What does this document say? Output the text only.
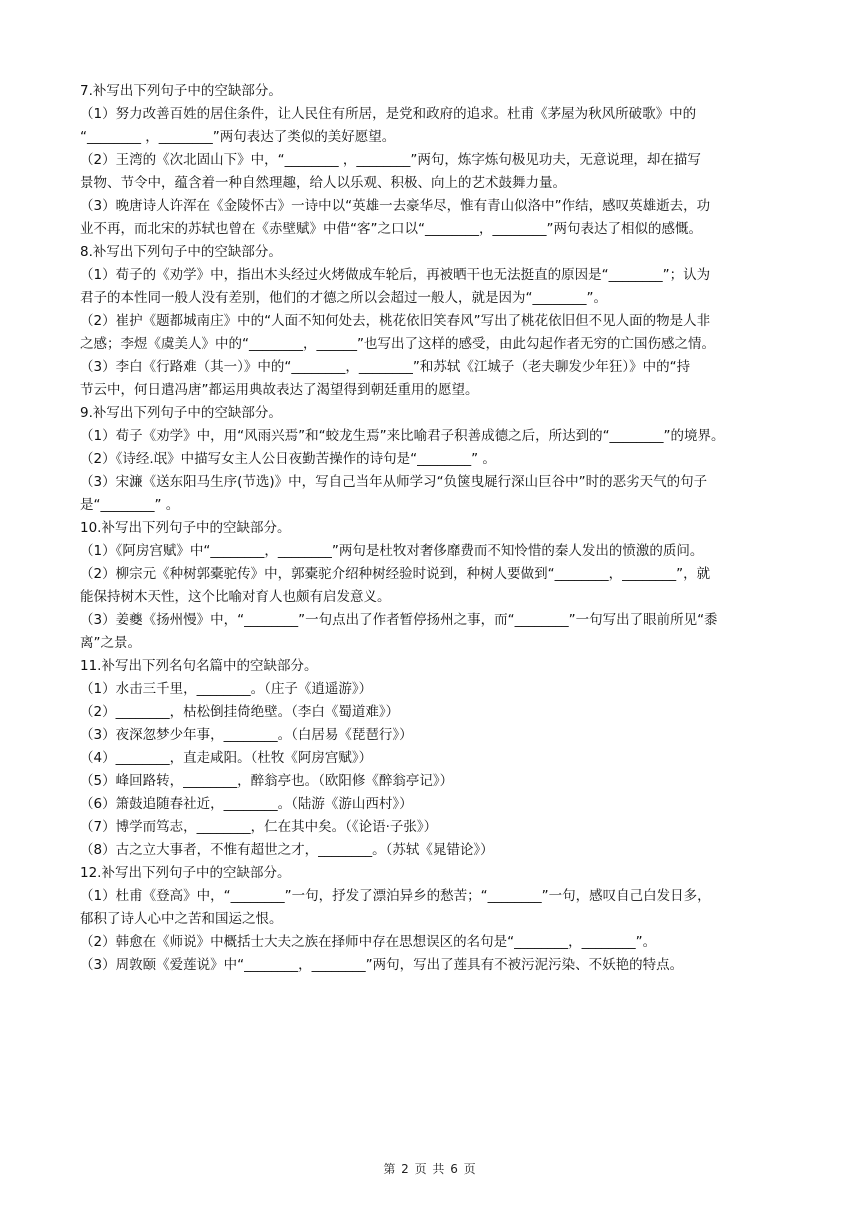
7.补写出下列句子中的空缺部分。
（1）努力改善百姓的居住条件，让人民住有所居，是党和政府的追求。杜甫《茅屋为秋风所破歌》中的
“________ ，________”两句表达了类似的美好愿望。
（2）王湾的《次北固山下》中，“________ ，________”两句，炼字炼句极见功夫，无意说理，却在描写
景物、节令中，蕴含着一种自然理趣，给人以乐观、积极、向上的艺术鼓舞力量。
（3）晚唐诗人许浑在《金陵怀古》一诗中以“英雄一去豪华尽，惟有青山似洛中”作结，感叹英雄逝去，功
业不再，而北宋的苏轼也曾在《赤壁赋》中借“客”之口以“________，________”两句表达了相似的感慨。
8.补写出下列句子中的空缺部分。
（1）荀子的《劝学》中，指出木头经过火烤做成车轮后，再被晒干也无法挺直的原因是“________”；认为
君子的本性同一般人没有差别，他们的才德之所以会超过一般人，就是因为“________”。
（2）崔护《题都城南庄》中的“人面不知何处去，桃花依旧笑春风”写出了桃花依旧但不见人面的物是人非
之感；李煜《虞美人》中的“________，______”也写出了这样的感受，由此勾起作者无穷的亡国伤感之情。
（3）李白《行路难（其一）》中的“________，________”和苏轼《江城子（老夫聊发少年狂）》中的“持
节云中，何日遣冯唐”都运用典故表达了渴望得到朝廷重用的愿望。
9.补写出下列句子中的空缺部分。
（1）荀子《劝学》中，用“风雨兴焉”和“蛟龙生焉”来比喻君子积善成德之后，所达到的“________”的境界。
（2）《诗经.氓》中描写女主人公日夜勤苦操作的诗句是“________” 。
（3）宋濂《送东阳马生序(节选)》中，写自己当年从师学习“负箧曳屣行深山巨谷中”时的恶劣天气的句子
是“________” 。
10.补写出下列句子中的空缺部分。
（1）《阿房宫赋》中“________，________”两句是杜牧对奢侈靡费而不知怜惜的秦人发出的愤激的质问。
（2）柳宗元《种树郭橐驼传》中，郭橐驼介绍种树经验时说到，种树人要做到“________，________”，就
能保持树木天性，这个比喻对育人也颇有启发意义。
（3）姜夔《扬州慢》中，“________”一句点出了作者暂停扬州之事，而“________”一句写出了眼前所见“黍
离”之景。
11.补写出下列名句名篇中的空缺部分。
（1）水击三千里，________。（庄子《逍遥游》）
（2）________，枯松倒挂倚绝壁。（李白《蜀道难》）
（3）夜深忽梦少年事，________。（白居易《琵琶行》）
（4）________，直走咸阳。（杜牧《阿房宫赋》）
（5）峰回路转，________，醉翁亭也。（欧阳修《醉翁亭记》）
（6）箫鼓追随春社近，________。（陆游《游山西村》）
（7）博学而笃志，________，仁在其中矣。（《论语·子张》）
（8）古之立大事者，不惟有超世之才，________。（苏轼《晁错论》）
12.补写出下列句子中的空缺部分。
（1）杜甫《登高》中，“________”一句，抒发了漂泊异乡的愁苦；“________”一句，感叹自己白发日多，
郁积了诗人心中之苦和国运之恨。
（2）韩愈在《师说》中概括士大夫之族在择师中存在思想误区的名句是“________，________”。
（3）周敦颐《爱莲说》中“________，________”两句，写出了莲具有不被污泥污染、不妖艳的特点。
第 2 页 共 6 页
